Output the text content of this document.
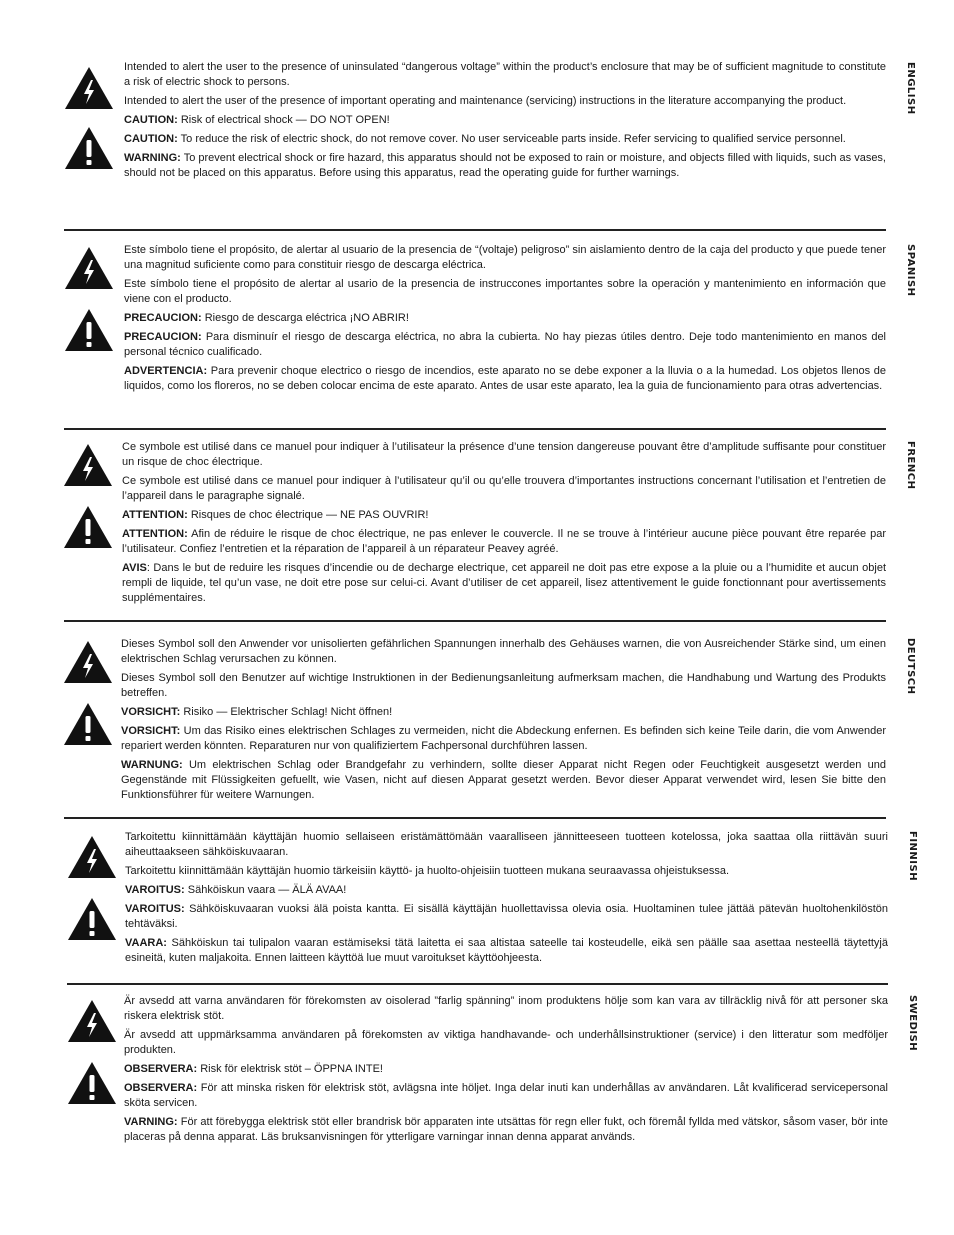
Intended to alert the user to the presence of uninsulated “dangerous voltage” within the product’s enclosure that may be of sufficient magnitude to constitute a risk of electric shock to persons.

Intended to alert the user of the presence of important operating and maintenance (servicing) instructions in the literature accompanying the product.

CAUTION: Risk of electrical shock — DO NOT OPEN!

CAUTION: To reduce the risk of electric shock, do not remove cover. No user serviceable parts inside. Refer servicing to qualified service personnel.

WARNING: To prevent electrical shock or fire hazard, this apparatus should not be exposed to rain or moisture, and objects filled with liquids, such as vases, should not be placed on this apparatus. Before using this apparatus, read the operating guide for further warnings.

ENGLISH

Este símbolo tiene el propósito, de alertar al usuario de la presencia de “(voltaje) peligroso” sin aislamiento dentro de la caja del producto y que puede tener una magnitud suficiente como para constituir riesgo de descarga eléctrica.

Este símbolo tiene el propósito de alertar al usario de la presencia de instruccones importantes sobre la operación y mantenimiento en información que viene con el producto.

PRECAUCION: Riesgo de descarga eléctrica ¡NO ABRIR!

PRECAUCION: Para disminuír el riesgo de descarga eléctrica, no abra la cubierta. No hay piezas útiles dentro. Deje todo mantenimiento en manos del personal técnico cualificado.

ADVERTENCIA: Para prevenir choque electrico o riesgo de incendios, este aparato no se debe exponer a la lluvia o a la humedad. Los objetos llenos de liquidos, como los floreros, no se deben colocar encima de este aparato. Antes de usar este aparato, lea la guia de funcionamiento para otras advertencias.

SPANISH

Ce symbole est utilisé dans ce manuel pour indiquer à l’utilisateur la présence d’une tension dangereuse pouvant être d’amplitude suffisante pour constituer un risque de choc électrique.

Ce symbole est utilisé dans ce manuel pour indiquer à l’utilisateur qu’il ou qu’elle trouvera d’importantes instructions concernant l’utilisation et l’entretien de l’appareil dans le paragraphe signalé.

ATTENTION: Risques de choc électrique — NE PAS OUVRIR!

ATTENTION: Afin de réduire le risque de choc électrique, ne pas enlever le couvercle. Il ne se trouve à l’intérieur aucune pièce pouvant être reparée par l’utilisateur. Confiez l’entretien et la réparation de l’appareil à un réparateur Peavey agréé.

AVIS: Dans le but de reduire les risques d’incendie ou de decharge electrique, cet appareil ne doit pas etre expose a la pluie ou a l’humidite et aucun objet rempli de liquide, tel qu’un vase, ne doit etre pose sur celui-ci. Avant d’utiliser de cet appareil, lisez attentivement le guide fonctionnant pour avertissements supplémentaires.

FRENCH

Dieses Symbol soll den Anwender vor unisolierten gefährlichen Spannungen innerhalb des Gehäuses warnen, die von Ausreichender Stärke sind, um einen elektrischen Schlag verursachen zu können.

Dieses Symbol soll den Benutzer auf wichtige Instruktionen in der Bedienungsanleitung aufmerksam machen, die Handhabung und Wartung des Produkts betreffen.

VORSICHT: Risiko — Elektrischer Schlag! Nicht öffnen!

VORSICHT: Um das Risiko eines elektrischen Schlages zu vermeiden, nicht die Abdeckung enfernen. Es befinden sich keine Teile darin, die vom Anwender repariert werden könnten. Reparaturen nur von qualifiziertem Fachpersonal durchführen lassen.

WARNUNG: Um elektrischen Schlag oder Brandgefahr zu verhindern, sollte dieser Apparat nicht Regen oder Feuchtigkeit ausgesetzt werden und Gegenstände mit Flüssigkeiten gefuellt, wie Vasen, nicht auf diesen Apparat gesetzt werden. Bevor dieser Apparat verwendet wird, lesen Sie bitte den Funktionsführer für weitere Warnungen.

DEUTSCH

Tarkoitettu kiinnittämään käyttäjän huomio sellaiseen eristämättömään vaaralliseen jännitteeseen tuotteen kotelossa, joka saattaa olla riittävän suuri aiheuttaakseen sähköiskuvaaran.

Tarkoitettu kiinnittämään käyttäjän huomio tärkeisiin käyttö- ja huolto-ohjeisiin tuotteen mukana seuraavassa ohjeistuksessa.

VAROITUS: Sähköiskun vaara — ÄLÄ AVAA!

VAROITUS: Sähköiskuvaaran vuoksi älä poista kantta. Ei sisällä käyttäjän huollettavissa olevia osia. Huoltaminen tulee jättää pätevän huoltohenkilöstön tehtäväksi.

VAARA: Sähköiskun tai tulipalon vaaran estämiseksi tätä laitetta ei saa altistaa sateelle tai kosteudelle, eikä sen päälle saa asettaa nesteellä täytettyjä esineitä, kuten maljakoita. Ennen laitteen käyttöä lue muut varoitukset käyttöohjeesta.

FINNISH

Är avsedd att varna användaren för förekomsten av oisolerad ”farlig spänning” inom produktens hölje som kan vara av tillräcklig nivå för att personer ska riskera elektrisk stöt.

Är avsedd att uppmärksamma användaren på förekomsten av viktiga handhavande- och underhållsinstruktioner (service) i den litteratur som medföljer produkten.

OBSERVERA: Risk för elektrisk stöt – ÖPPNA INTE!

OBSERVERA: För att minska risken för elektrisk stöt, avlägsna inte höljet. Inga delar inuti kan underhållas av användaren. Låt kvalificerad servicepersonal sköta servicen.

VARNING: För att förebygga elektrisk stöt eller brandrisk bör apparaten inte utsättas för regn eller fukt, och föremål fyllda med vätskor, såsom vaser, bör inte placeras på denna apparat. Läs bruksanvisningen för ytterligare varningar innan denna apparat används.

SWEDISH
